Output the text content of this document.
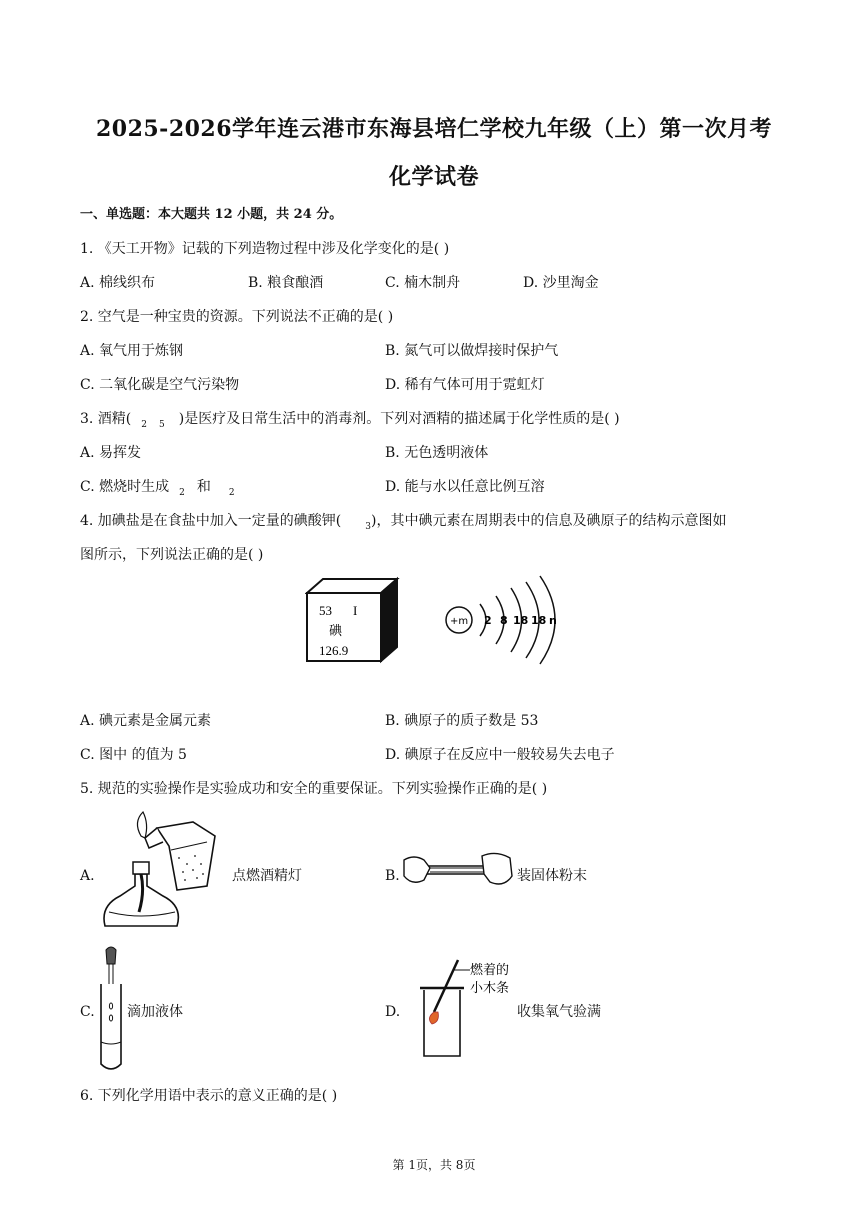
2025-2026学年连云港市东海县培仁学校九年级（上）第一次月考
化学试卷
一、单选题：本大题共 12 小题，共 24 分。
1. 《天工开物》记载的下列造物过程中涉及化学变化的是( )
A. 棉线织布	B. 粮食酿酒	C. 楠木制舟	D. 沙里淘金
2. 空气是一种宝贵的资源。下列说法不正确的是( )
A. 氧气用于炼钢	B. 氮气可以做焊接时保护气
C. 二氧化碳是空气污染物	D. 稀有气体可用于霓虹灯
3. 酒精( $_2$ $_5$ )是医疗及日常生活中的消毒剂。下列对酒精的描述属于化学性质的是( )
A. 易挥发	B. 无色透明液体
C. 燃烧时生成 $_2$ 和 $_2$	D. 能与水以任意比例互溶
4. 加碘盐是在食盐中加入一定量的碘酸钾(	$_3$)，其中碘元素在周期表中的信息及碘原子的结构示意图如
图所示，下列说法正确的是( )
53 I
碘
126.9
+m 2 8 18 18 n
A. 碘元素是金属元素	B. 碘原子的质子数是 53
C. 图中 的值为 5	D. 碘原子在反应中一般较易失去电子
5. 规范的实验操作是实验成功和安全的重要保证。下列实验操作正确的是( )
A.	点燃酒精灯	B.	装固体粉末
C. 滴加液体	D.
燃着的
小木条
收集氧气验满
6. 下列化学用语中表示的意义正确的是( )
第 1页，共 8页
